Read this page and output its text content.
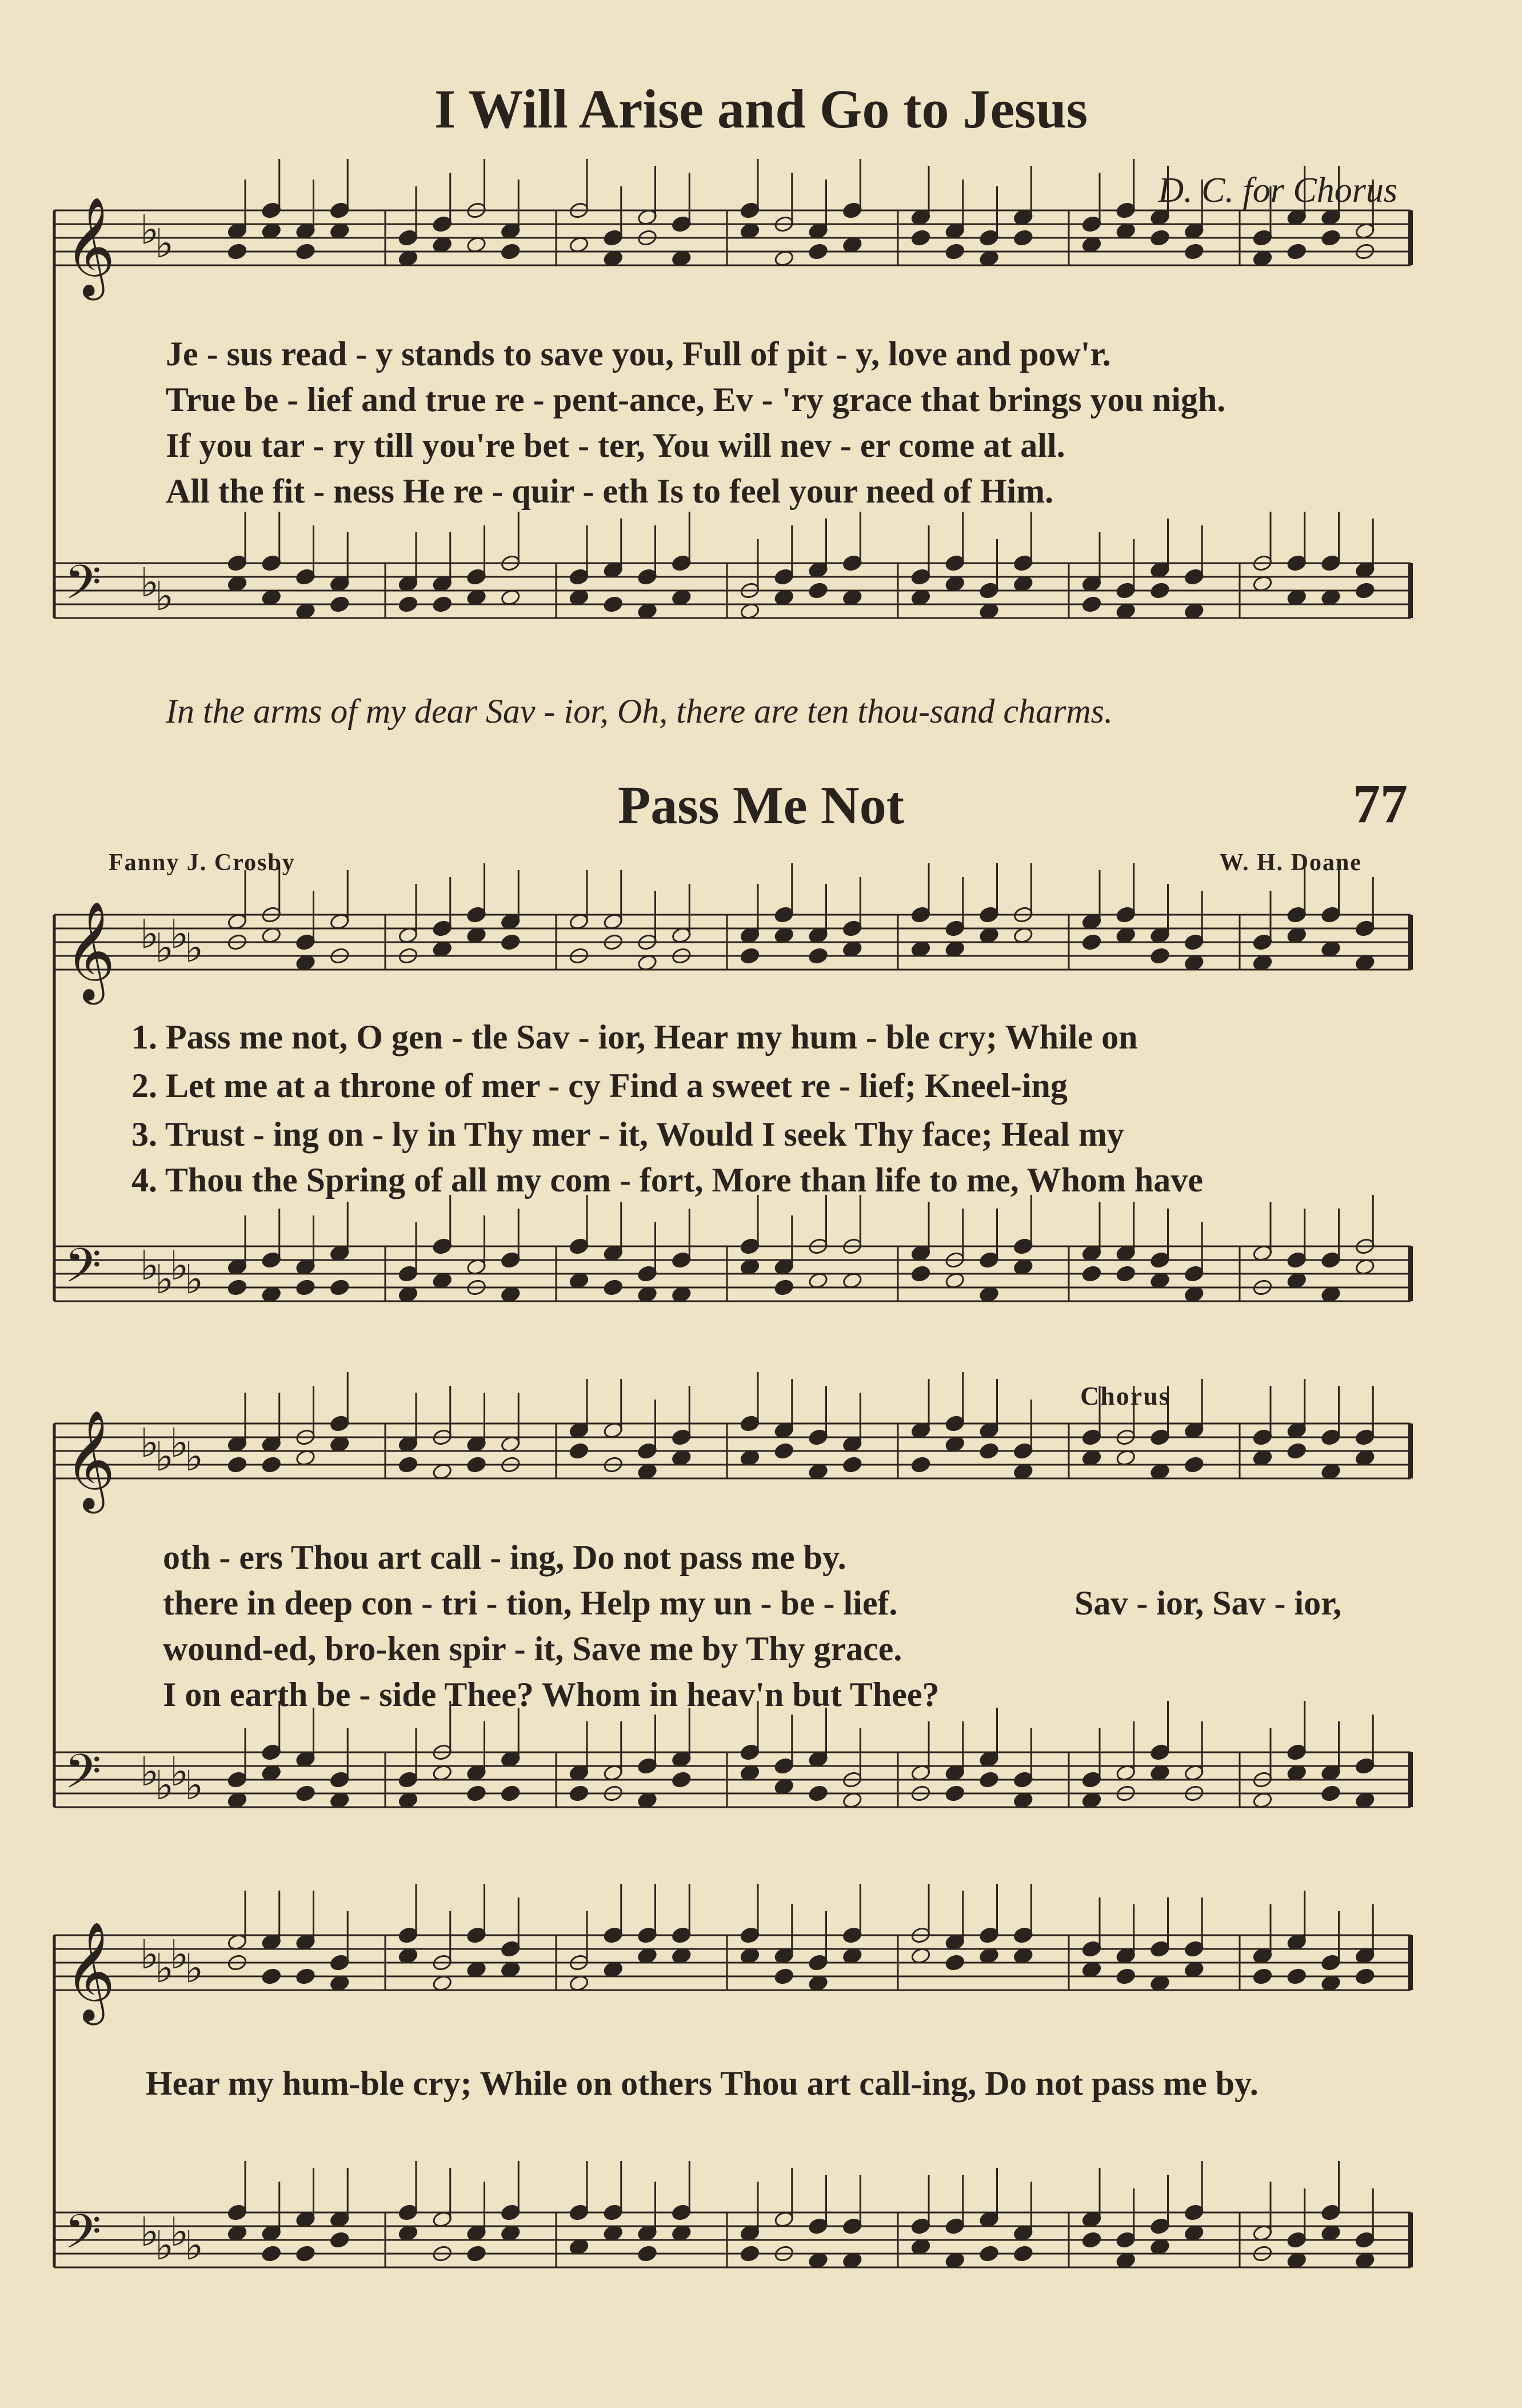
𝄞 ♭
♭
𝄢 ♭
♭
𝄞 ♭
♭
♭
♭
𝄢 ♭
♭
♭
♭
𝄞 ♭
♭
♭
♭
𝄢 ♭
♭
♭
♭
𝄞 ♭
♭
♭
♭
𝄢 ♭
♭
♭
♭
I Will Arise and Go to Jesus
D. C. for Chorus
Je - sus read - y stands to save you, Full of pit - y, love and pow'r.
True be - lief and true re - pent-ance, Ev - 'ry grace that brings you nigh.
If you tar - ry till you're bet - ter, You will nev - er come at all.
All the fit - ness He re - quir - eth Is to feel your need of Him.
In the arms of my dear Sav - ior, Oh, there are ten thou-sand charms.
Pass Me Not	77
Fanny J. Crosby	W. H. Doane
1. Pass me not, O gen - tle Sav - ior, Hear my hum - ble cry; While on
2. Let me at a throne of mer - cy Find a sweet re - lief; Kneel-ing
3. Trust - ing on - ly in Thy mer - it, Would I seek Thy face; Heal my
4. Thou the Spring of all my com - fort, More than life to me, Whom have
Chorus
oth - ers Thou art call - ing, Do not pass me by.
there in deep con - tri - tion, Help my un - be - lief.	Sav - ior, Sav - ior,
wound-ed, bro-ken spir - it, Save me by Thy grace.
I on earth be - side Thee? Whom in heav'n but Thee?
Hear my hum-ble cry; While on others Thou art call-ing, Do not pass me by.
